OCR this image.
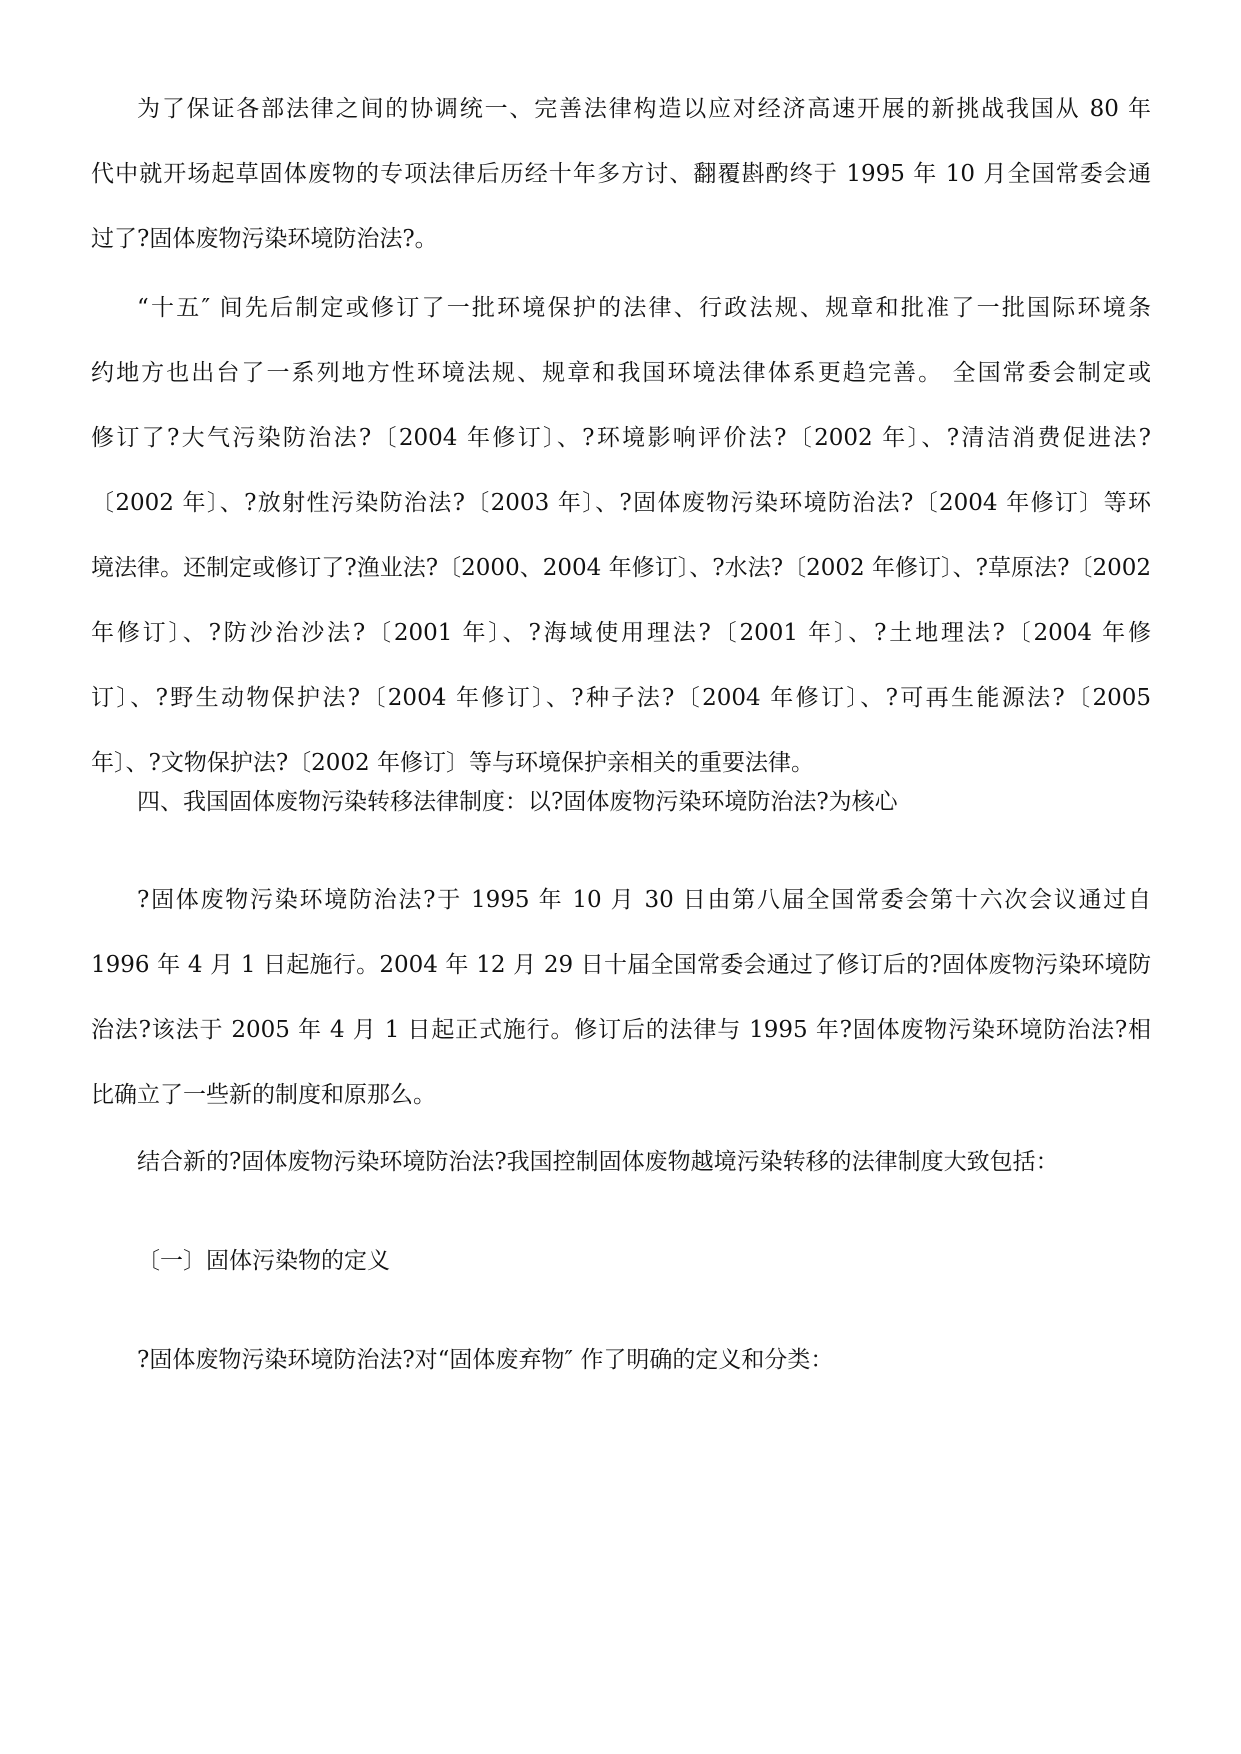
为了保证各部法律之间的协调统一、完善法律构造以应对经济高速开展的新挑战我国从 80 年
代中就开场起草固体废物的专项法律后历经十年多方讨、翻覆斟酌终于 1995 年 10 月全国常委会通
过了?固体废物污染环境防治法?。
“十五″ 间先后制定或修订了一批环境保护的法律、行政法规、规章和批准了一批国际环境条
约地方也出台了一系列地方性环境法规、规章和我国环境法律体系更趋完善。 全国常委会制定或
修订了?大气污染防治法?〔2004 年修订〕、?环境影响评价法?〔2002 年〕、?清洁消费促进法?
〔2002 年〕、?放射性污染防治法?〔2003 年〕、?固体废物污染环境防治法?〔2004 年修订〕等环
境法律。还制定或修订了?渔业法?〔2000、2004 年修订〕、?水法?〔2002 年修订〕、?草原法?〔2002
年修订〕、?防沙治沙法?〔2001 年〕、?海域使用理法?〔2001 年〕、?土地理法?〔2004 年修
订〕、?野生动物保护法?〔2004 年修订〕、?种子法?〔2004 年修订〕、?可再生能源法?〔2005
年〕、?文物保护法?〔2002 年修订〕等与环境保护亲相关的重要法律。
四、我国固体废物污染转移法律制度：以?固体废物污染环境防治法?为核心
?固体废物污染环境防治法?于 1995 年 10 月 30 日由第八届全国常委会第十六次会议通过自
1996 年 4 月 1 日起施行。2004 年 12 月 29 日十届全国常委会通过了修订后的?固体废物污染环境防
治法?该法于 2005 年 4 月 1 日起正式施行。修订后的法律与 1995 年?固体废物污染环境防治法?相
比确立了一些新的制度和原那么。
结合新的?固体废物污染环境防治法?我国控制固体废物越境污染转移的法律制度大致包括：
〔一〕固体污染物的定义
?固体废物污染环境防治法?对“固体废弃物″ 作了明确的定义和分类：
